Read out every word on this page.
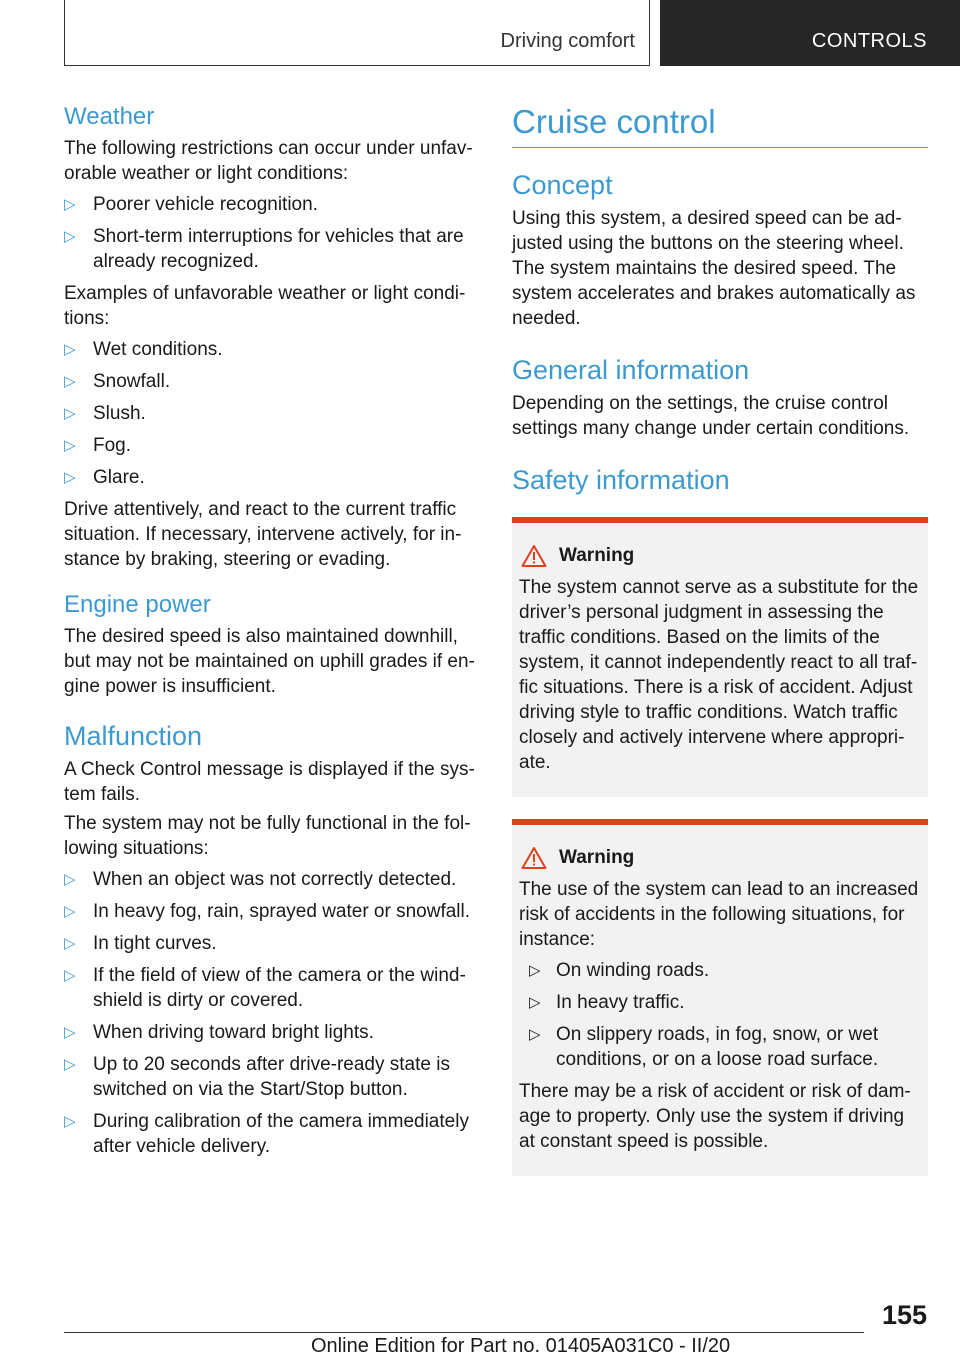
Driving comfort	CONTROLS
Weather

The following restrictions can occur under unfav-orable weather or light conditions:

▷ Poorer vehicle recognition.
▷ Short-term interruptions for vehicles that are already recognized.

Examples of unfavorable weather or light condi-tions:

▷ Wet conditions.
▷ Snowfall.
▷ Slush.
▷ Fog.
▷ Glare.

Drive attentively, and react to the current traffic situation. If necessary, intervene actively, for in-stance by braking, steering or evading.

Engine power

The desired speed is also maintained downhill, but may not be maintained on uphill grades if en-gine power is insufficient.

Malfunction

A Check Control message is displayed if the sys-tem fails.

The system may not be fully functional in the fol-lowing situations:

▷ When an object was not correctly detected.
▷ In heavy fog, rain, sprayed water or snowfall.
▷ In tight curves.
▷ If the field of view of the camera or the wind-shield is dirty or covered.
▷ When driving toward bright lights.
▷ Up to 20 seconds after drive-ready state is switched on via the Start/Stop button.
▷ During calibration of the camera immediately after vehicle delivery.
Cruise control
Concept

Using this system, a desired speed can be ad-justed using the buttons on the steering wheel. The system maintains the desired speed. The system accelerates and brakes automatically as needed.

General information

Depending on the settings, the cruise control settings many change under certain conditions.

Safety information
Warning

The system cannot serve as a substitute for the driver’s personal judgment in assessing the traffic conditions. Based on the limits of the system, it cannot independently react to all traf-fic situations. There is a risk of accident. Adjust driving style to traffic conditions. Watch traffic closely and actively intervene where appropri-ate.

Warning

The use of the system can lead to an increased risk of accidents in the following situations, for instance:

▷ On winding roads.
▷ In heavy traffic.
▷ On slippery roads, in fog, snow, or wet conditions, or on a loose road surface.

There may be a risk of accident or risk of dam-age to property. Only use the system if driving at constant speed is possible.

155
Online Edition for Part no. 01405A031C0 - II/20
